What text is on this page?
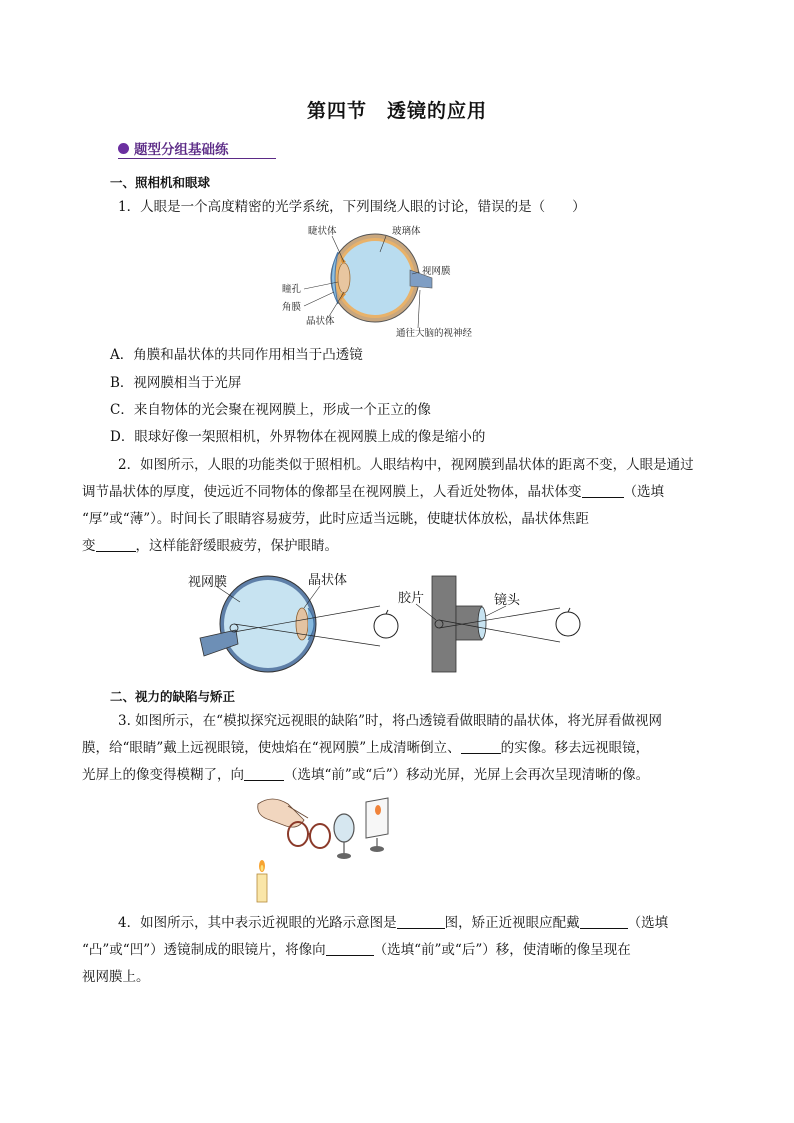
第四节　透镜的应用
题型分组基础练
一、照相机和眼球
1．人眼是一个高度精密的光学系统，下列围绕人眼的讨论，错误的是（　　）
睫状体	玻璃体
视网膜
瞳孔
角膜
晶状体
通往大脑的视神经
A．角膜和晶状体的共同作用相当于凸透镜
B．视网膜相当于光屏
C．来自物体的光会聚在视网膜上，形成一个正立的像
D．眼球好像一架照相机，外界物体在视网膜上成的像是缩小的
2．如图所示，人眼的功能类似于照相机。人眼结构中，视网膜到晶状体的距离不变，人眼是通过
调节晶状体的厚度，使远近不同物体的像都呈在视网膜上，人看近处物体，晶状体变	（选填
“厚”或“薄”）。时间长了眼睛容易疲劳，此时应适当远眺，使睫状体放松，晶状体焦距
变	，这样能舒缓眼疲劳，保护眼睛。
视网膜	晶状体
胶片	镜头
二、视力的缺陷与矫正
3. 如图所示，在“模拟探究远视眼的缺陷”时，将凸透镜看做眼睛的晶状体，将光屏看做视网
膜，给“眼睛”戴上远视眼镜，使烛焰在“视网膜”上成清晰倒立、	的实像。移去远视眼镜，
光屏上的像变得模糊了，向	（选填“前”或“后”）移动光屏，光屏上会再次呈现清晰的像。
4．如图所示，其中表示近视眼的光路示意图是	图，矫正近视眼应配戴	（选填
“凸”或“凹”）透镜制成的眼镜片，将像向	（选填“前”或“后”）移，使清晰的像呈现在
视网膜上。
